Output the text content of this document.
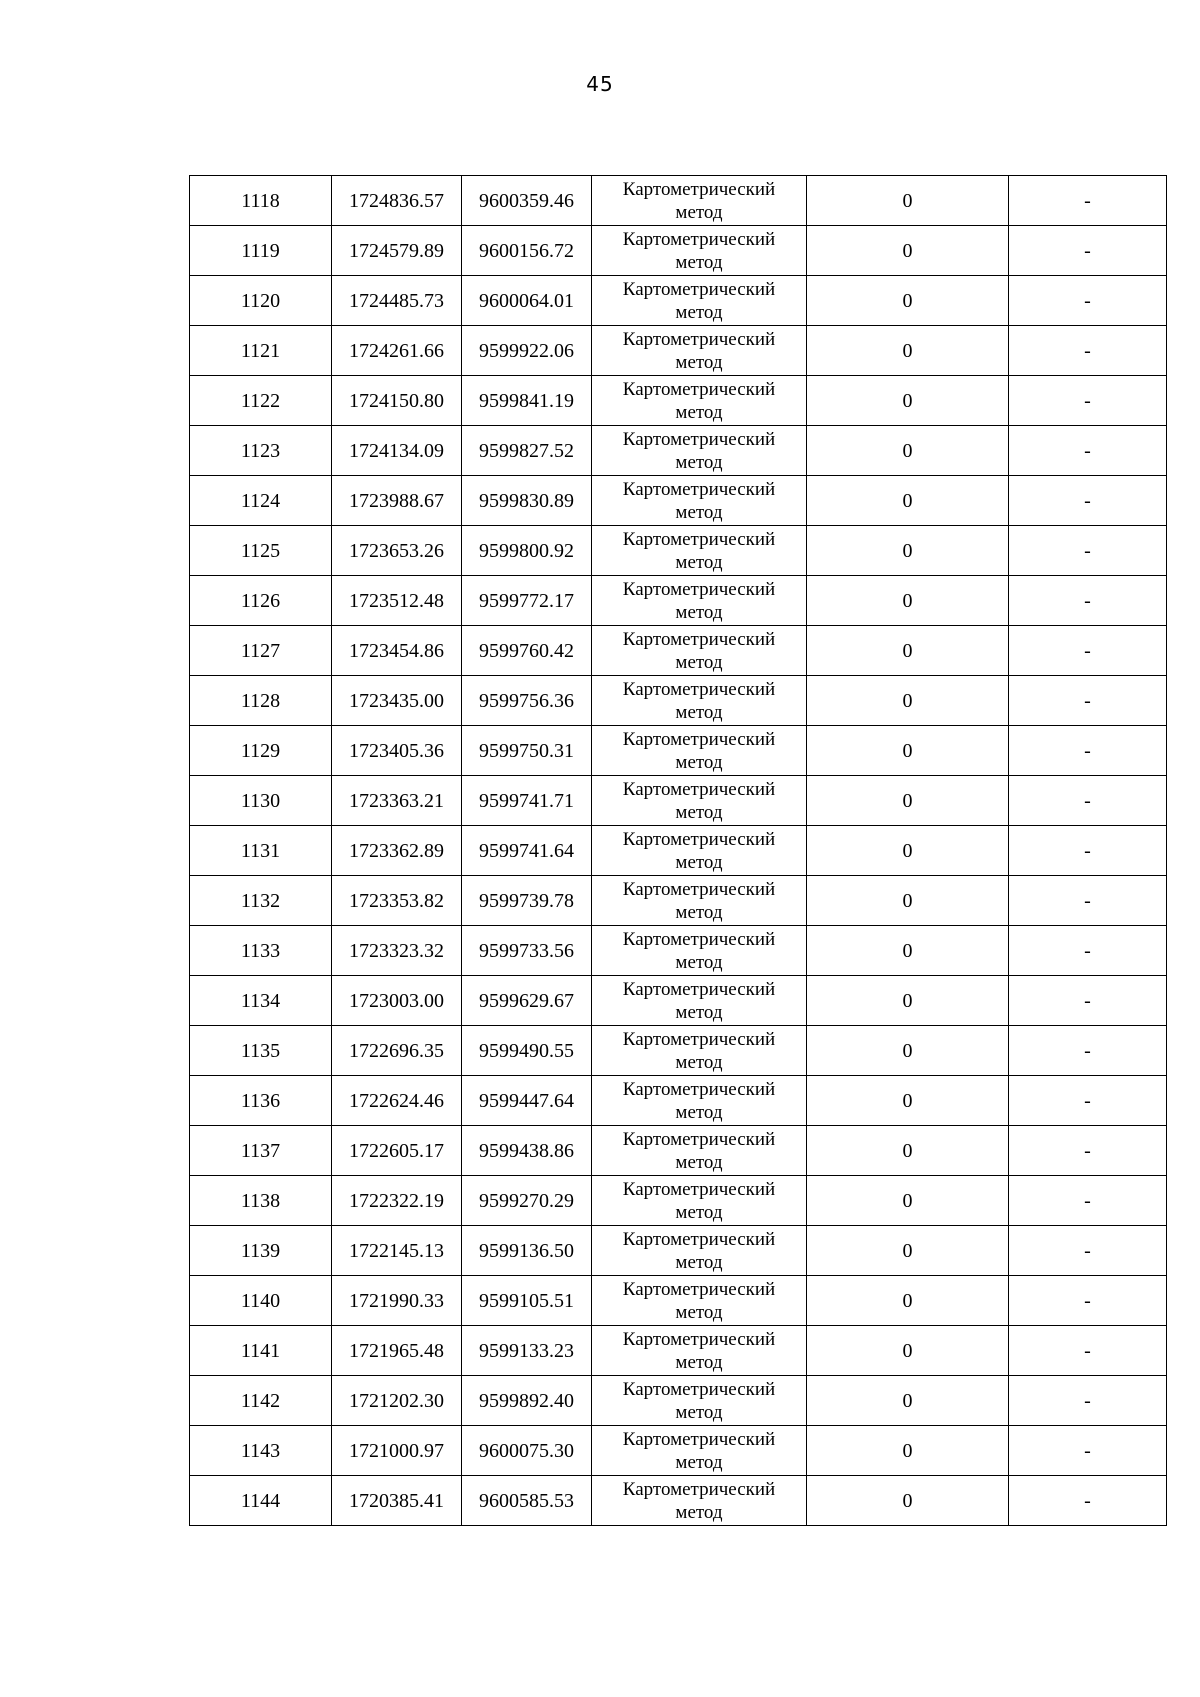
45
1118	1724836.57	9600359.46	Картометрический метод	0	-
1119	1724579.89	9600156.72	Картометрический метод	0	-
1120	1724485.73	9600064.01	Картометрический метод	0	-
1121	1724261.66	9599922.06	Картометрический метод	0	-
1122	1724150.80	9599841.19	Картометрический метод	0	-
1123	1724134.09	9599827.52	Картометрический метод	0	-
1124	1723988.67	9599830.89	Картометрический метод	0	-
1125	1723653.26	9599800.92	Картометрический метод	0	-
1126	1723512.48	9599772.17	Картометрический метод	0	-
1127	1723454.86	9599760.42	Картометрический метод	0	-
1128	1723435.00	9599756.36	Картометрический метод	0	-
1129	1723405.36	9599750.31	Картометрический метод	0	-
1130	1723363.21	9599741.71	Картометрический метод	0	-
1131	1723362.89	9599741.64	Картометрический метод	0	-
1132	1723353.82	9599739.78	Картометрический метод	0	-
1133	1723323.32	9599733.56	Картометрический метод	0	-
1134	1723003.00	9599629.67	Картометрический метод	0	-
1135	1722696.35	9599490.55	Картометрический метод	0	-
1136	1722624.46	9599447.64	Картометрический метод	0	-
1137	1722605.17	9599438.86	Картометрический метод	0	-
1138	1722322.19	9599270.29	Картометрический метод	0	-
1139	1722145.13	9599136.50	Картометрический метод	0	-
1140	1721990.33	9599105.51	Картометрический метод	0	-
1141	1721965.48	9599133.23	Картометрический метод	0	-
1142	1721202.30	9599892.40	Картометрический метод	0	-
1143	1721000.97	9600075.30	Картометрический метод	0	-
1144	1720385.41	9600585.53	Картометрический метод	0	-
